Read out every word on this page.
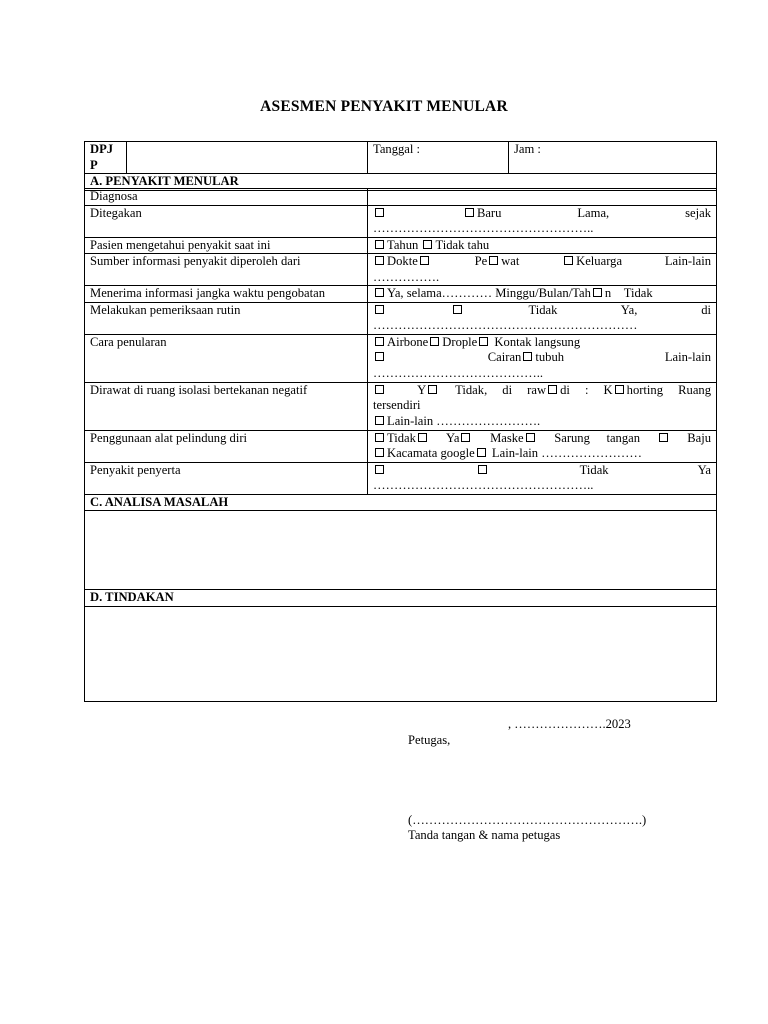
ASESMEN PENYAKIT MENULAR
DPJ P		Tanggal :	Jam :
A. PENYAKIT MENULAR
Diagnosa	
Ditegakan	Baru Lama, sejak
……………………………………………..

Pasien mengetahui penyakit saat ini	Tahun Tidak tahu
Sumber informasi penyakit diperoleh dari	Dokte Pe wat Keluarga Lain-lain
…………….

Menerima informasi jangka waktu pengobatan	Ya, selama………… Minggu/Bulan/Tah n Tidak
Melakukan pemeriksaan rutin	Tidak Ya, di
………………………………………………………

Cara penularan	Airbone Drople Kontak langsung
Cairan tubuh Lain-lain
…………………………………..

Dirawat di ruang isolasi bertekanan negatif	Y Tidak, di raw di : K horting Ruang
tersendiri
Lain-lain …………………….

Penggunaan alat pelindung diri	Tidak Ya Maske Sarung tangan Baju
Kacamata google Lain-lain ……………………

Penyakit penyerta	Tidak Ya
……………………………………………..

C. ANALISA MASALAH	

D. TINDAKAN	

, ………………….2023
Petugas,
(……………………………………………….)
Tanda tangan & nama petugas
